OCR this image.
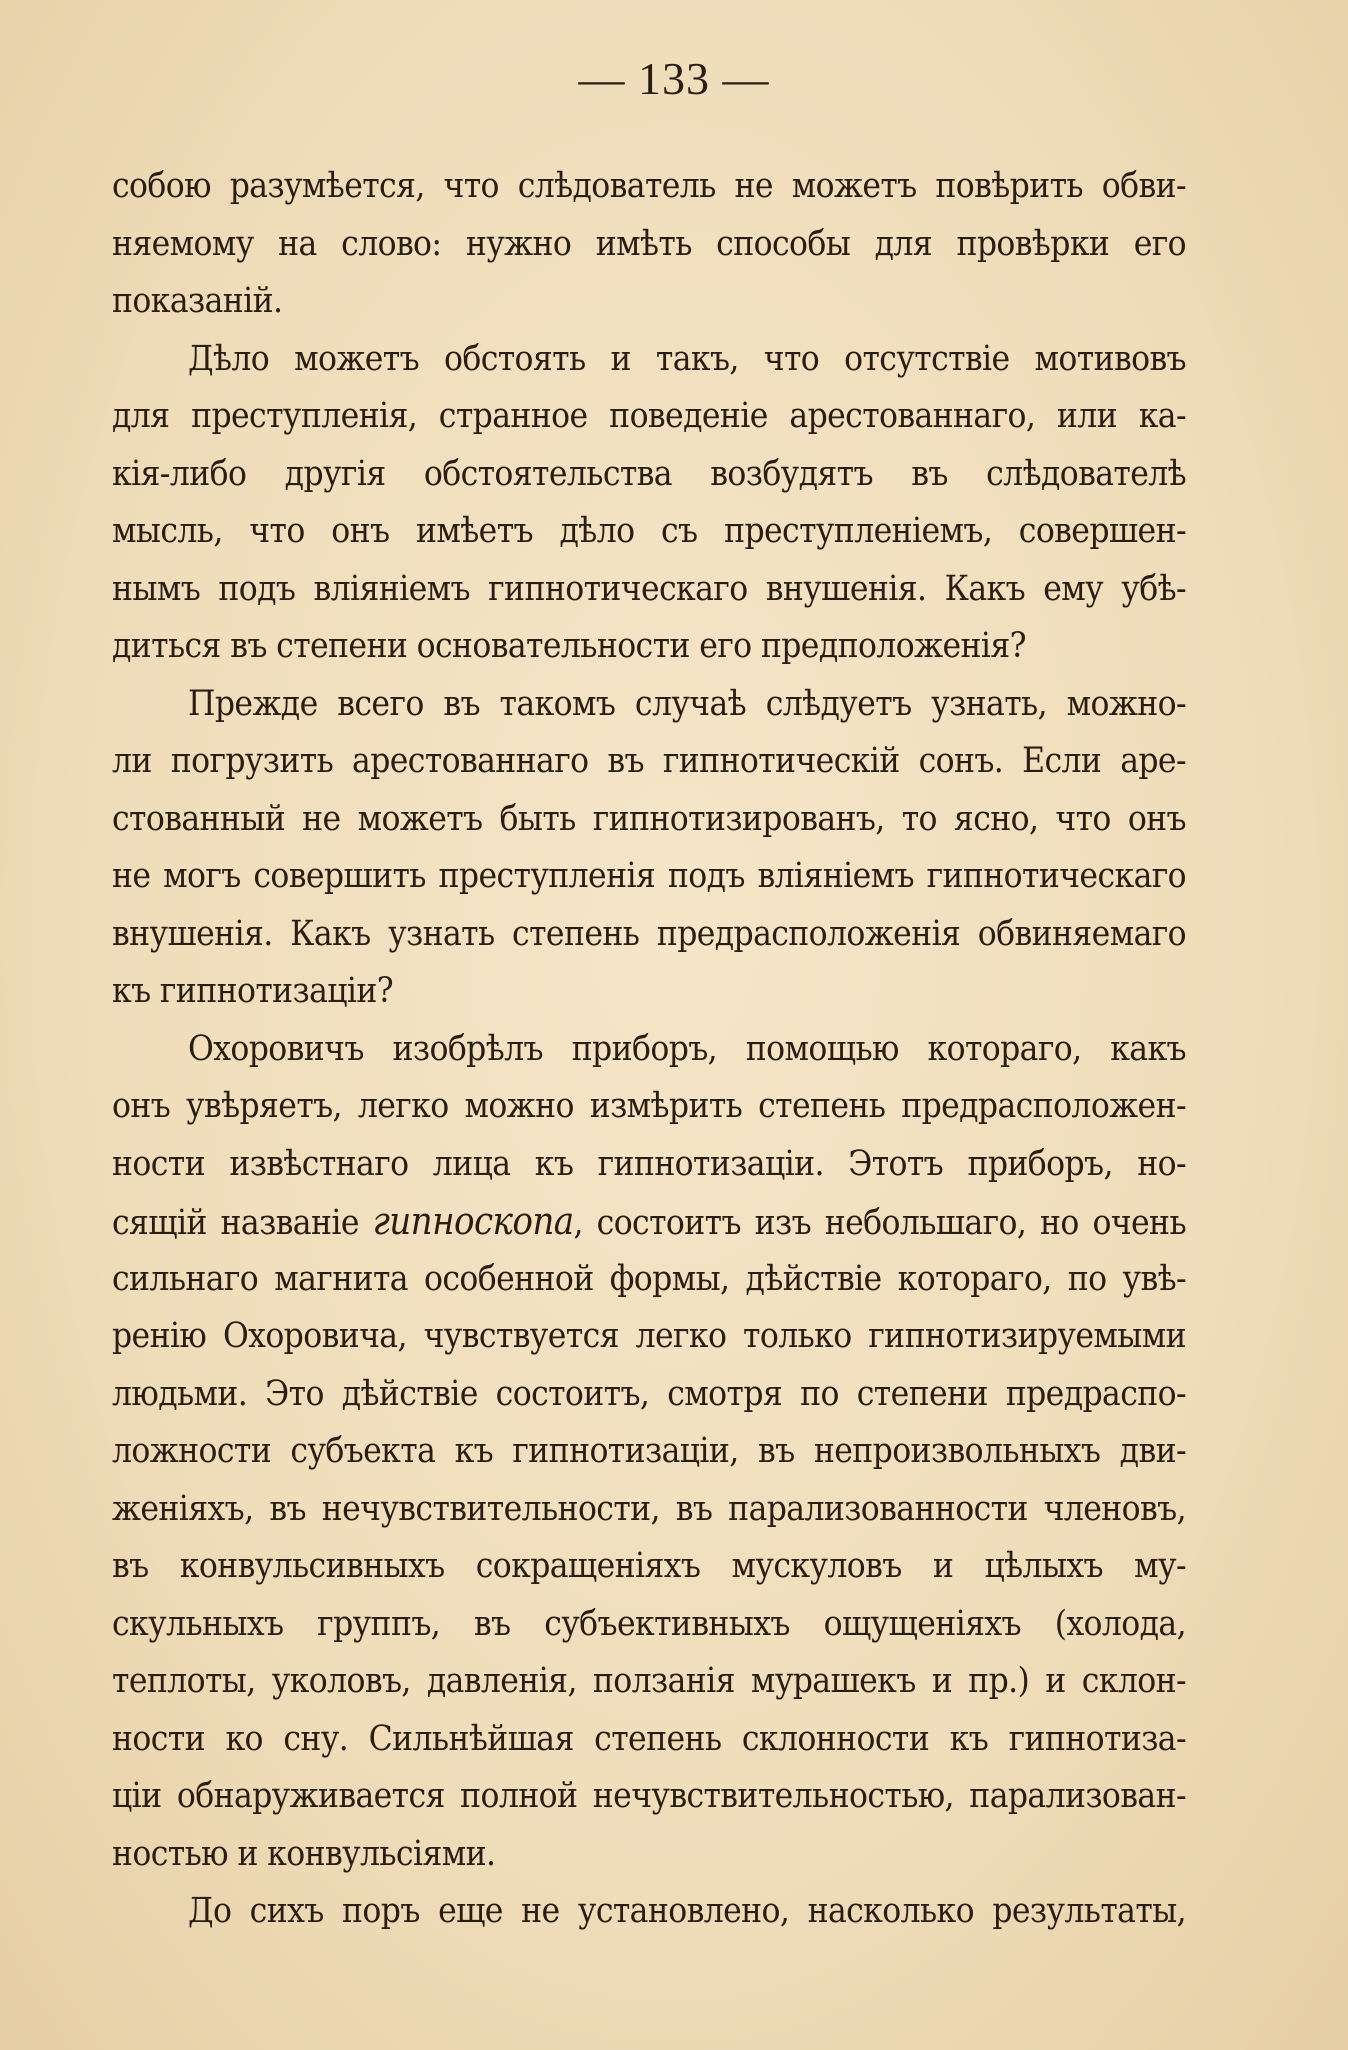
— 133 —
собою разумѣется, что слѣдователь не можетъ повѣрить обви-
няемому на слово: нужно имѣть способы для провѣрки его
показаній.
Дѣло можетъ обстоять и такъ, что отсутствіе мотивовъ
для преступленія, странное поведеніе арестованнаго, или ка-
кія-либо другія обстоятельства возбудятъ въ слѣдователѣ
мысль, что онъ имѣетъ дѣло съ преступленіемъ, совершен-
нымъ подъ вліяніемъ гипнотическаго внушенія. Какъ ему убѣ-
диться въ степени основательности его предположенія?
Прежде всего въ такомъ случаѣ слѣдуетъ узнать, можно-
ли погрузить арестованнаго въ гипнотическій сонъ. Если аре-
стованный не можетъ быть гипнотизированъ, то ясно, что онъ
не могъ совершить преступленія подъ вліяніемъ гипнотическаго
внушенія. Какъ узнать степень предрасположенія обвиняемаго
къ гипнотизаціи?
Охоровичъ изобрѣлъ приборъ, помощью котораго, какъ
онъ увѣряетъ, легко можно измѣрить степень предрасположен-
ности извѣстнаго лица къ гипнотизаціи. Этотъ приборъ, но-
сящій названіе гипноскопа, состоитъ изъ небольшаго, но очень
сильнаго магнита особенной формы, дѣйствіе котораго, по увѣ-
ренію Охоровича, чувствуется легко только гипнотизируемыми
людьми. Это дѣйствіе состоитъ, смотря по степени предраспо-
ложности субъекта къ гипнотизаціи, въ непроизвольныхъ дви-
женіяхъ, въ нечувствительности, въ парализованности членовъ,
въ конвульсивныхъ сокращеніяхъ мускуловъ и цѣлыхъ му-
скульныхъ группъ, въ субъективныхъ ощущеніяхъ (холода,
теплоты, уколовъ, давленія, ползанія мурашекъ и пр.) и склон-
ности ко сну. Сильнѣйшая степень склонности къ гипнотиза-
ціи обнаруживается полной нечувствительностью, парализован-
ностью и конвульсіями.
До сихъ поръ еще не установлено, насколько результаты,
